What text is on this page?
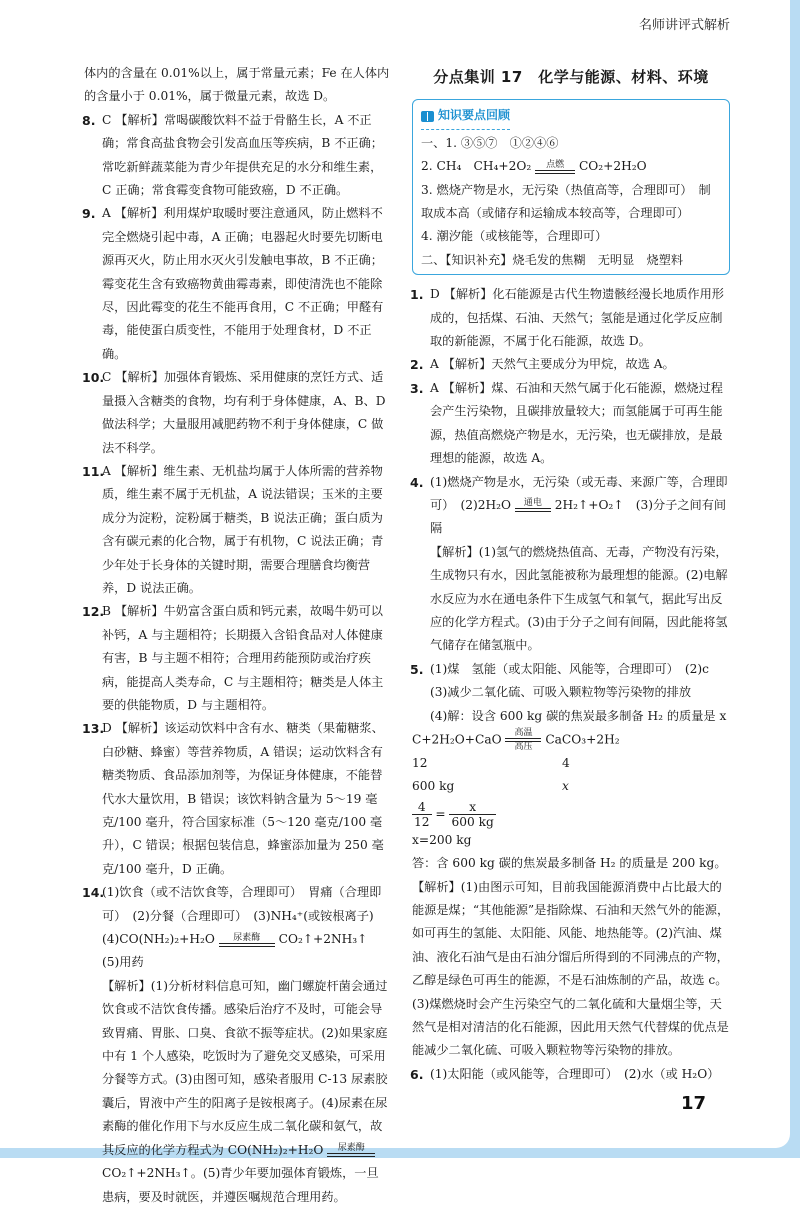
名师讲评式解析
体内的含量在 0.01%以上，属于常量元素；Fe 在人体内的含量小于 0.01%，属于微量元素，故选 D。
8. C 【解析】常喝碳酸饮料不益于骨骼生长，A 不正确；常食高盐食物会引发高血压等疾病，B 不正确；常吃新鲜蔬菜能为青少年提供充足的水分和维生素，C 正确；常食霉变食物可能致癌，D 不正确。
9. A 【解析】利用煤炉取暖时要注意通风，防止燃料不完全燃烧引起中毒，A 正确；电器起火时要先切断电源再灭火，防止用水灭火引发触电事故，B 不正确；霉变花生含有致癌物黄曲霉毒素，即使清洗也不能除尽，因此霉变的花生不能再食用，C 不正确；甲醛有毒，能使蛋白质变性，不能用于处理食材，D 不正确。
10.
C 【解析】加强体育锻炼、采用健康的烹饪方式、适量摄入含糖类的食物，均有利于身体健康，A、B、D 做法科学；大量服用减肥药物不利于身体健康，C 做法不科学。
11.
A 【解析】维生素、无机盐均属于人体所需的营养物质，维生素不属于无机盐，A 说法错误；玉米的主要成分为淀粉，淀粉属于糖类，B 说法正确；蛋白质为含有碳元素的化合物，属于有机物，C 说法正确；青少年处于长身体的关键时期，需要合理膳食均衡营养，D 说法正确。
12.
B 【解析】牛奶富含蛋白质和钙元素，故喝牛奶可以补钙，A 与主题相符；长期摄入含铅食品对人体健康有害，B 与主题不相符；合理用药能预防或治疗疾病，能提高人类寿命，C 与主题相符；糖类是人体主要的供能物质，D 与主题相符。
13.
D 【解析】该运动饮料中含有水、糖类（果葡糖浆、白砂糖、蜂蜜）等营养物质，A 错误；运动饮料含有糖类物质、食品添加剂等，为保证身体健康，不能替代水大量饮用，B 错误；该饮料钠含量为 5～19 毫克/100 毫升，符合国家标准（5～120 毫克/100 毫升），C 错误；根据包装信息，蜂蜜添加量为 250 毫克/100 毫升，D 正确。
14.
(1)饮食（或不洁饮食等，合理即可）　胃痛（合理即可）　(2)分餐（合理即可）　(3)NH₄⁺(或铵根离子)
(4)CO(NH₂)₂+H₂O	尿素酶	CO₂↑+2NH₃↑
(5)用药
【解析】(1)分析材料信息可知，幽门螺旋杆菌会通过饮食或不洁饮食传播。感染后治疗不及时，可能会导致胃痛、胃胀、口臭、食欲不振等症状。(2)如果家庭中有 1 个人感染，吃饭时为了避免交叉感染，可采用分餐等方式。(3)由图可知，感染者服用 C-13 尿素胶囊后，胃液中产生的阳离子是铵根离子。(4)尿素在尿素酶的催化作用下与水反应生成二氧化碳和氨气，故其反应的化学方程式为 CO(NH₂)₂+H₂O	尿素酶
CO₂↑+2NH₃↑。(5)青少年要加强体育锻炼，一旦患病，要及时就医，并遵医嘱规范合理用药。
分点集训 17　化学与能源、材料、环境
知识要点回顾
一、1. ③⑤⑦　①②④⑥
2. CH₄　CH₄+2O₂	点燃	CO₂+2H₂O
3. 燃烧产物是水，无污染（热值高等，合理即可）　制取成本高（或储存和运输成本较高等，合理即可）
4. 潮汐能（或核能等，合理即可）
二、【知识补充】烧毛发的焦糊　无明显　烧塑料
1. D 【解析】化石能源是古代生物遗骸经漫长地质作用形成的，包括煤、石油、天然气；氢能是通过化学反应制取的新能源，不属于化石能源，故选 D。
2. A 【解析】天然气主要成分为甲烷，故选 A。
3. A 【解析】煤、石油和天然气属于化石能源，燃烧过程会产生污染物，且碳排放量较大；而氢能属于可再生能源，热值高燃烧产物是水，无污染，也无碳排放，是最理想的能源，故选 A。
4. (1)燃烧产物是水，无污染（或无毒、来源广等，合理即可）　(2)2H₂O	通电	2H₂↑+O₂↑　(3)分子之间有间隔
【解析】(1)氢气的燃烧热值高、无毒，产物没有污染，生成物只有水，因此氢能被称为最理想的能源。(2)电解水反应为水在通电条件下生成氢气和氧气，据此写出反应的化学方程式。(3)由于分子之间有间隔，因此能将氢气储存在储氢瓶中。
5. (1)煤　氢能（或太阳能、风能等，合理即可）　(2)c
(3)减少二氧化硫、可吸入颗粒物等污染物的排放
(4)解：设含 600 kg 碳的焦炭最多制备 H₂ 的质量是 x
C+2H₂O+CaO	高温
高压
CaCO₃+2H₂
12	4
600 kg	x
$\frac{4}{12} = \frac{x}{600 kg}$
x=200 kg
答：含 600 kg 碳的焦炭最多制备 H₂ 的质量是 200 kg。
【解析】(1)由图示可知，目前我国能源消费中占比最大的能源是煤；“其他能源”是指除煤、石油和天然气外的能源，如可再生的氢能、太阳能、风能、地热能等。(2)汽油、煤油、液化石油气是由石油分馏后所得到的不同沸点的产物，乙醇是绿色可再生的能源，不是石油炼制的产品，故选 c。(3)煤燃烧时会产生污染空气的二氧化硫和大量烟尘等，天然气是相对清洁的化石能源，因此用天然气代替煤的优点是能减少二氧化硫、可吸入颗粒物等污染物的排放。
6. (1)太阳能（或风能等，合理即可）　(2)水（或 H₂O）
17
